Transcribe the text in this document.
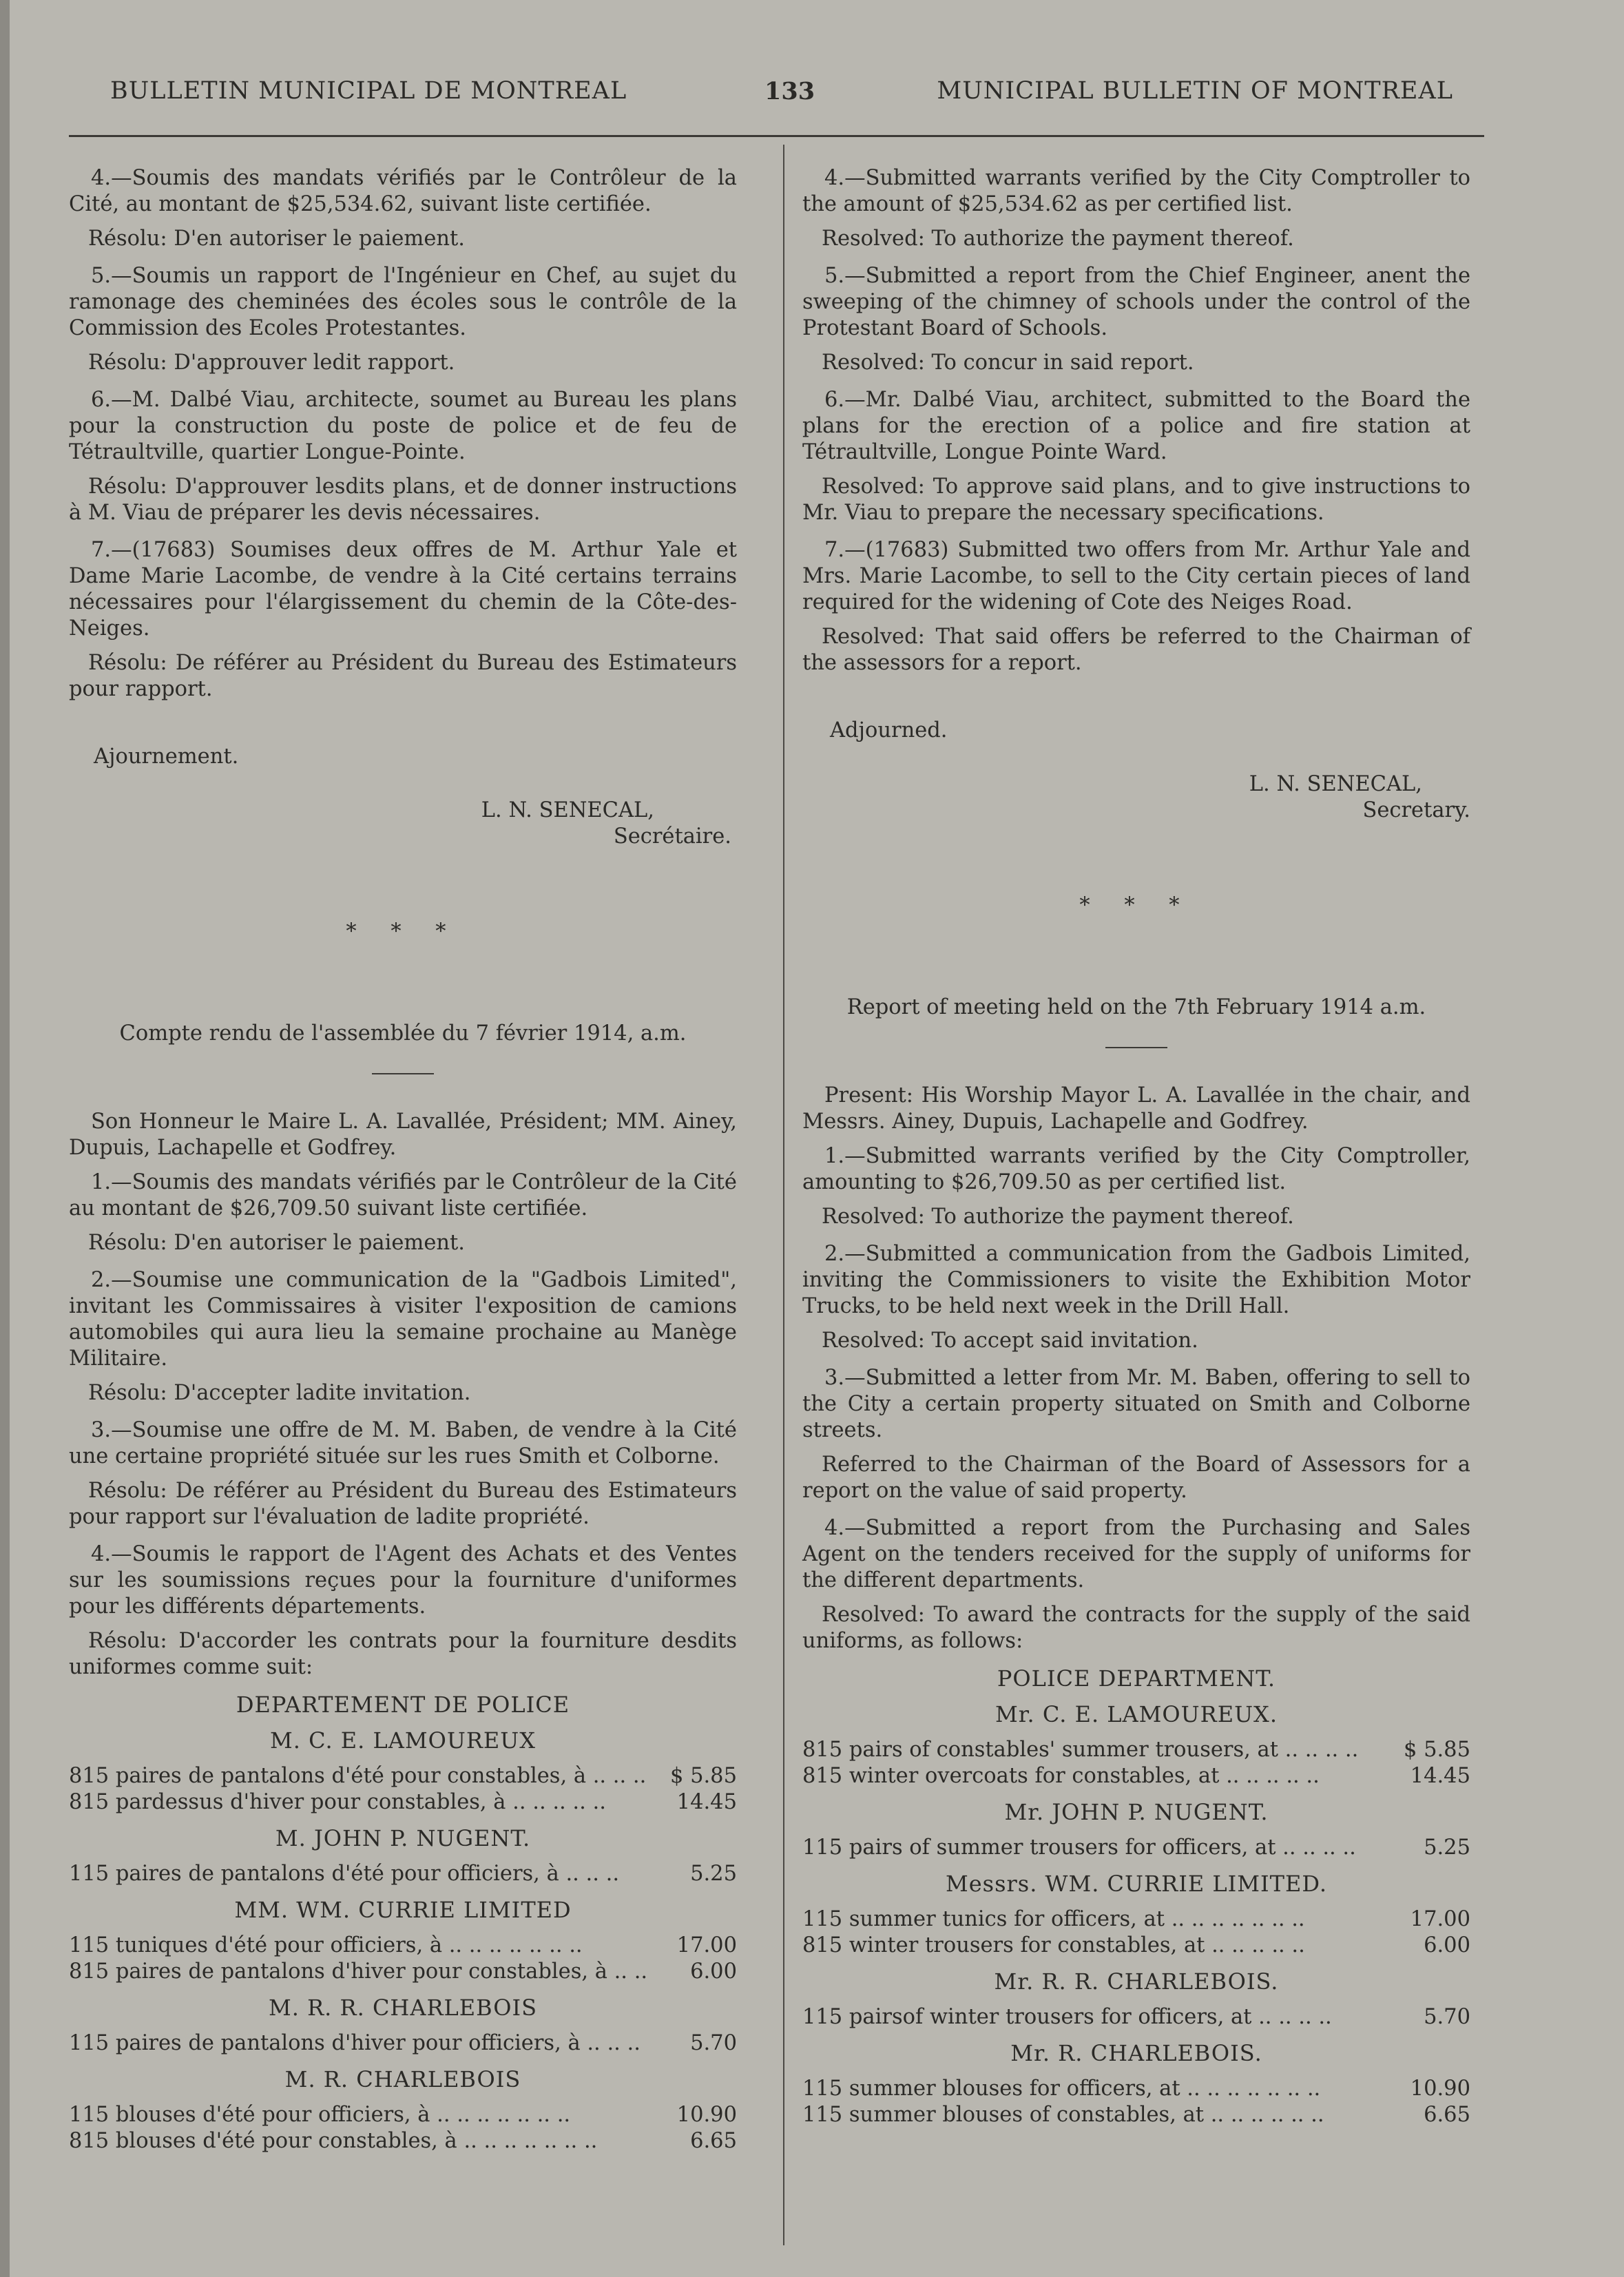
BULLETIN MUNICIPAL DE MONTREAL	133	MUNICIPAL BULLETIN OF MONTREAL

4.—Soumis des mandats vérifiés par le Contrôleur de la Cité, au montant de $25,534.62, suivant liste certifiée.

Résolu: D'en autoriser le paiement.

5.—Soumis un rapport de l'Ingénieur en Chef, au sujet du ramonage des cheminées des écoles sous le contrôle de la Commission des Ecoles Protestantes.

Résolu: D'approuver ledit rapport.

6.—M. Dalbé Viau, architecte, soumet au Bureau les plans pour la construction du poste de police et de feu de Tétraultville, quartier Longue-Pointe.

Résolu: D'approuver lesdits plans, et de donner instructions à M. Viau de préparer les devis nécessaires.

7.—(17683) Soumises deux offres de M. Arthur Yale et Dame Marie Lacombe, de vendre à la Cité certains terrains nécessaires pour l'élargissement du chemin de la Côte-des-Neiges.

Résolu: De référer au Président du Bureau des Estimateurs pour rapport.

Ajournement.

L. N. SENECAL,

Secrétaire.

* * *

Compte rendu de l'assemblée du 7 février 1914, a.m.

Son Honneur le Maire L. A. Lavallée, Président; MM. Ainey, Dupuis, Lachapelle et Godfrey.

1.—Soumis des mandats vérifiés par le Contrôleur de la Cité au montant de $26,709.50 suivant liste certifiée.

Résolu: D'en autoriser le paiement.

2.—Soumise une communication de la "Gadbois Limited", invitant les Commissaires à visiter l'exposition de camions automobiles qui aura lieu la semaine prochaine au Manège Militaire.

Résolu: D'accepter ladite invitation.

3.—Soumise une offre de M. M. Baben, de vendre à la Cité une certaine propriété située sur les rues Smith et Colborne.

Résolu: De référer au Président du Bureau des Estimateurs pour rapport sur l'évaluation de ladite propriété.

4.—Soumis le rapport de l'Agent des Achats et des Ventes sur les soumissions reçues pour la fourniture d'uniformes pour les différents départements.

Résolu: D'accorder les contrats pour la fourniture desdits uniformes comme suit:

DEPARTEMENT DE POLICE
M. C. E. LAMOUREUX
815 paires de pantalons d'été pour constables, à .. .. ..	$ 5.85
815 pardessus d'hiver pour constables, à .. .. .. .. ..	14.45
M. JOHN P. NUGENT.
115 paires de pantalons d'été pour officiers, à .. .. ..	5.25
MM. WM. CURRIE LIMITED
115 tuniques d'été pour officiers, à .. .. .. .. .. .. ..	17.00
815 paires de pantalons d'hiver pour constables, à .. ..	6.00
M. R. R. CHARLEBOIS
115 paires de pantalons d'hiver pour officiers, à .. .. ..	5.70
M. R. CHARLEBOIS
115 blouses d'été pour officiers, à .. .. .. .. .. .. ..	10.90
815 blouses d'été pour constables, à .. .. .. .. .. .. ..	6.65

4.—Submitted warrants verified by the City Comptroller to the amount of $25,534.62 as per certified list.

Resolved: To authorize the payment thereof.

5.—Submitted a report from the Chief Engineer, anent the sweeping of the chimney of schools under the control of the Protestant Board of Schools.

Resolved: To concur in said report.

6.—Mr. Dalbé Viau, architect, submitted to the Board the plans for the erection of a police and fire station at Tétraultville, Longue Pointe Ward.

Resolved: To approve said plans, and to give instructions to Mr. Viau to prepare the necessary specifications.

7.—(17683) Submitted two offers from Mr. Arthur Yale and Mrs. Marie Lacombe, to sell to the City certain pieces of land required for the widening of Cote des Neiges Road.

Resolved: That said offers be referred to the Chairman of the assessors for a report.

Adjourned.

L. N. SENECAL,

Secretary.

* * *

Report of meeting held on the 7th February 1914 a.m.

Present: His Worship Mayor L. A. Lavallée in the chair, and Messrs. Ainey, Dupuis, Lachapelle and Godfrey.

1.—Submitted warrants verified by the City Comptroller, amounting to $26,709.50 as per certified list.

Resolved: To authorize the payment thereof.

2.—Submitted a communication from the Gadbois Limited, inviting the Commissioners to visite the Exhibition Motor Trucks, to be held next week in the Drill Hall.

Resolved: To accept said invitation.

3.—Submitted a letter from Mr. M. Baben, offering to sell to the City a certain property situated on Smith and Colborne streets.

Referred to the Chairman of the Board of Assessors for a report on the value of said property.

4.—Submitted a report from the Purchasing and Sales Agent on the tenders received for the supply of uniforms for the different departments.

Resolved: To award the contracts for the supply of the said uniforms, as follows:

POLICE DEPARTMENT.
Mr. C. E. LAMOUREUX.
815 pairs of constables' summer trousers, at .. .. .. ..	$ 5.85
815 winter overcoats for constables, at .. .. .. .. ..	14.45
Mr. JOHN P. NUGENT.
115 pairs of summer trousers for officers, at .. .. .. ..	5.25
Messrs. WM. CURRIE LIMITED.
115 summer tunics for officers, at .. .. .. .. .. .. ..	17.00
815 winter trousers for constables, at .. .. .. .. ..	6.00
Mr. R. R. CHARLEBOIS.
115 pairsof winter trousers for officers, at .. .. .. ..	5.70
Mr. R. CHARLEBOIS.
115 summer blouses for officers, at .. .. .. .. .. .. ..	10.90
115 summer blouses of constables, at .. .. .. .. .. ..	6.65
